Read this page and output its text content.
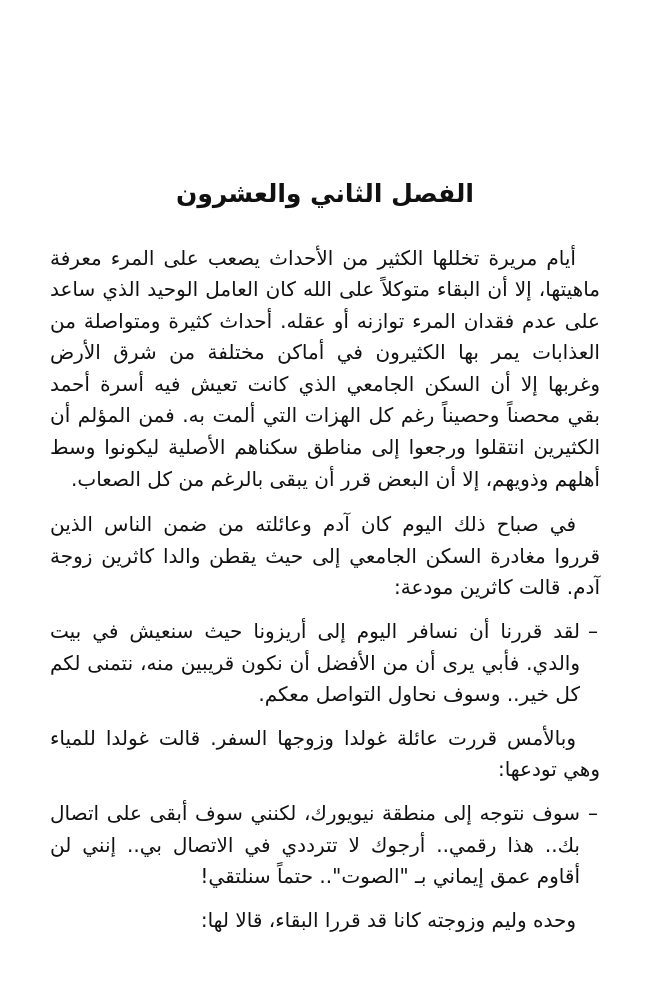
الفصل الثاني والعشرون

أيام مريرة تخللها الكثير من الأحداث يصعب على المرء معرفة ماهيتها، إلا أن البقاء متوكلاً على الله كان العامل الوحيد الذي ساعد على عدم فقدان المرء توازنه أو عقله. أحداث كثيرة ومتواصلة من العذابات يمر بها الكثيرون في أماكن مختلفة من شرق الأرض وغربها إلا أن السكن الجامعي الذي كانت تعيش فيه أسرة أحمد بقي محصناً وحصيناً رغم كل الهزات التي ألمت به. فمن المؤلم أن الكثيرين انتقلوا ورجعوا إلى مناطق سكناهم الأصلية ليكونوا وسط أهلهم وذويهم، إلا أن البعض قرر أن يبقى بالرغم من كل الصعاب.

في صباح ذلك اليوم كان آدم وعائلته من ضمن الناس الذين قرروا مغادرة السكن الجامعي إلى حيث يقطن والدا كاثرين زوجة آدم. قالت كاثرين مودعة:

–
لقد قررنا أن نسافر اليوم إلى أريزونا حيث سنعيش في بيت والدي. فأبي يرى أن من الأفضل أن نكون قريبين منه، نتمنى لكم كل خير.. وسوف نحاول التواصل معكم.

وبالأمس قررت عائلة غولدا وزوجها السفر. قالت غولدا للمياء وهي تودعها:

–
سوف نتوجه إلى منطقة نيويورك، لكنني سوف أبقى على اتصال بك.. هذا رقمي.. أرجوك لا تترددي في الاتصال بي.. إنني لن أقاوم عمق إيماني بـ "الصوت".. حتماً سنلتقي!

وحده وليم وزوجته كانا قد قررا البقاء، قالا لها:
